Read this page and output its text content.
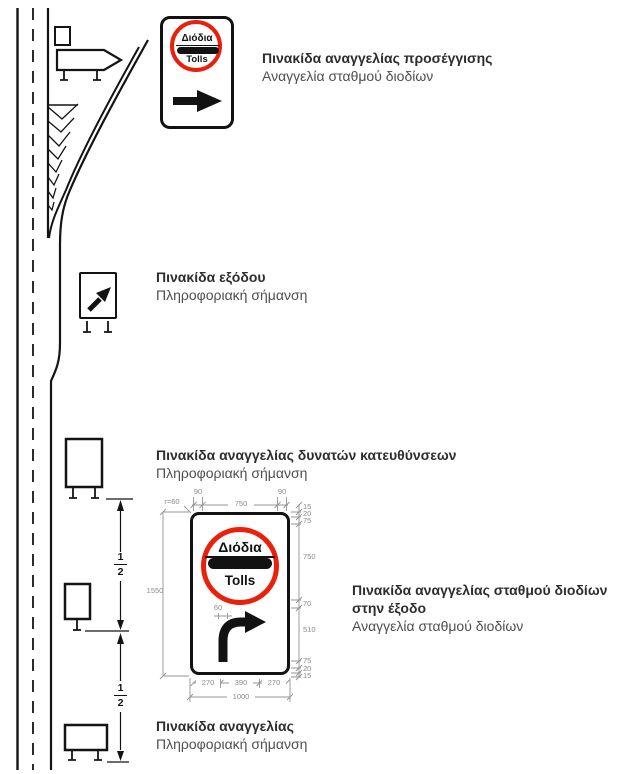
$\frac{1}{2}$
$\frac{1}{2}$
Διόδια
Tolls
Διόδια
Tolls
90
750
90
r=60
15
20
75
750
70
510
75
20
15
1550
270	390	270
1000
60
Πινακίδα αναγγελίας προσέγγισης
Αναγγελία σταθμού διοδίων
Πινακίδα εξόδου
Πληροφοριακή σήμανση
Πινακίδα αναγγελίας δυνατών κατευθύνσεων
Πληροφοριακή σήμανση
Πινακίδα αναγγελίας σταθμού διοδίων
στην έξοδο
Αναγγελία σταθμού διοδίων
Πινακίδα αναγγελίας
Πληροφοριακή σήμανση
